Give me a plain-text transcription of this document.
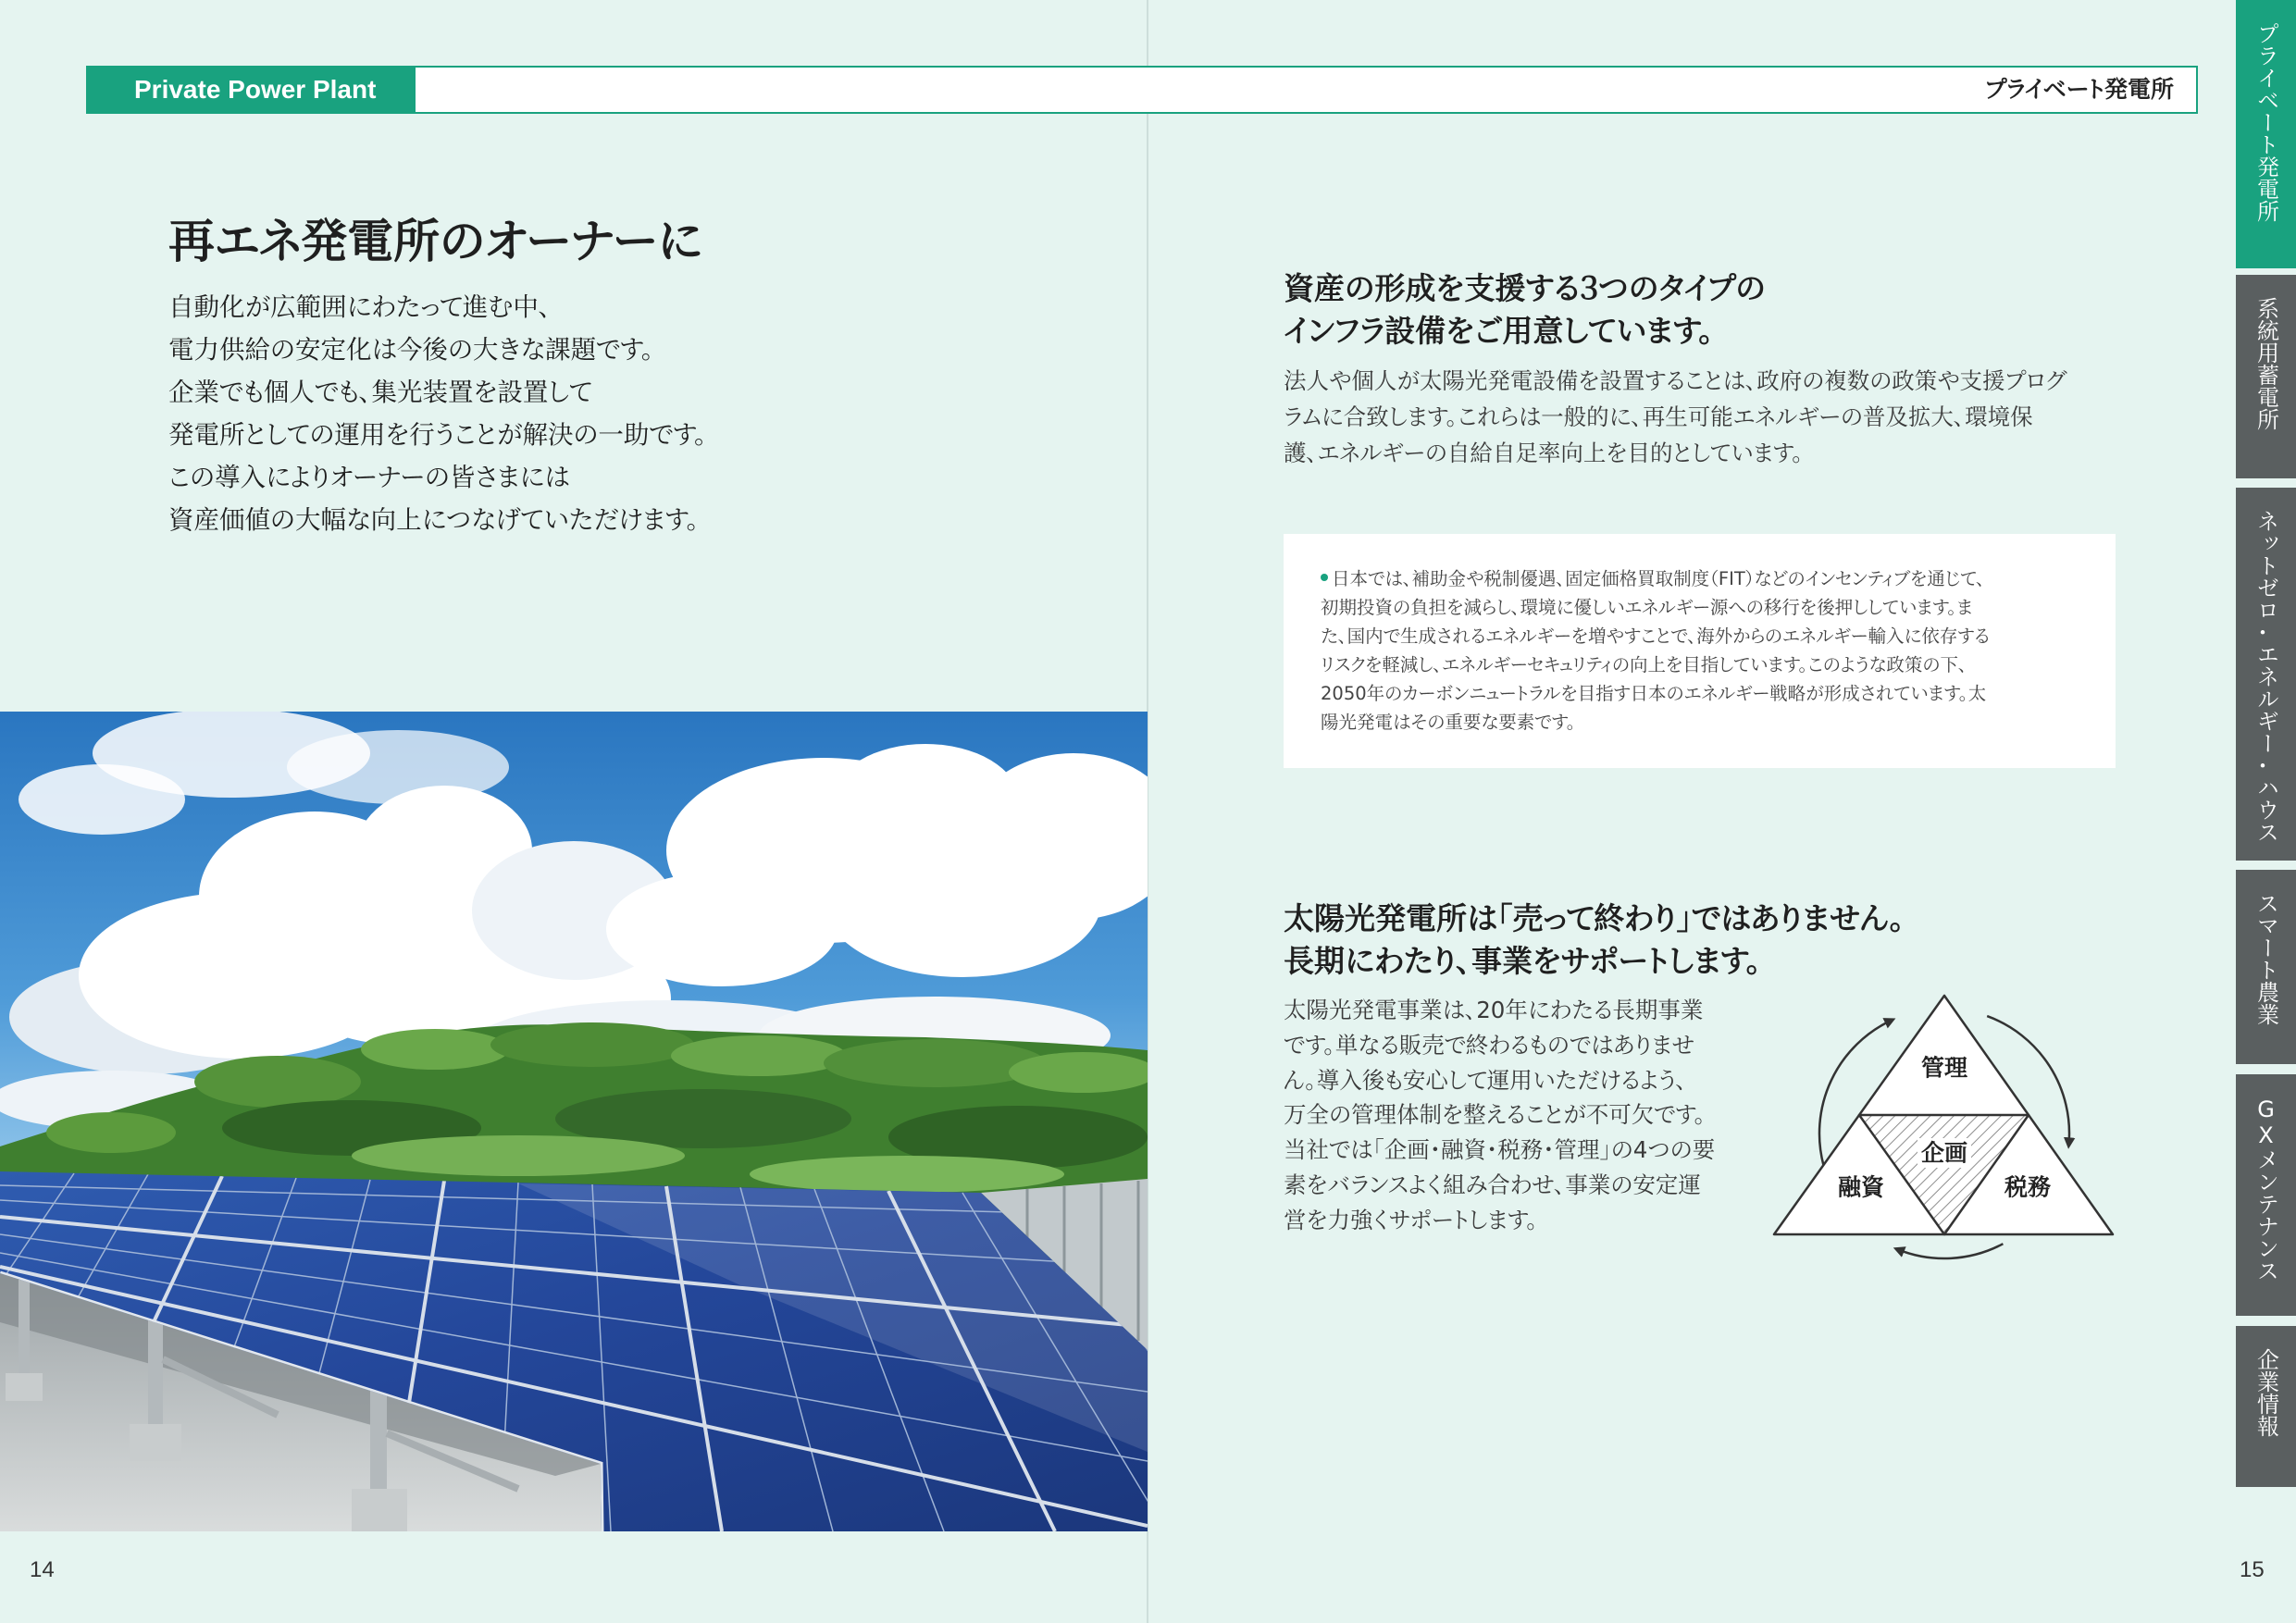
Private Power Plant	プライベート発電所	プライベート発電所
系統用蓄電所
ネットゼロ・エネルギー・ハウス
スマート農業
GXメンテナンス
企業情報
再エネ発電所のオーナーに
自動化が広範囲にわたって進む中、
電力供給の安定化は今後の大きな課題です。
企業でも個人でも、集光装置を設置して
発電所としての運用を行うことが解決の一助です。
この導入によりオーナーの皆さまには
資産価値の大幅な向上につなげていただけます。
14
資産の形成を支援する３つのタイプの
インフラ設備をご用意しています。
法人や個人が太陽光発電設備を設置することは、政府の複数の政策や支援プログ
ラムに合致します。これらは一般的に、再生可能エネルギーの普及拡大、環境保
護、エネルギーの自給自足率向上を目的としています。
日本では、補助金や税制優遇、固定価格買取制度（FIT）などのインセンティブを通じて、
初期投資の負担を減らし、環境に優しいエネルギー源への移行を後押ししています。ま
た、国内で生成されるエネルギーを増やすことで、海外からのエネルギー輸入に依存する
リスクを軽減し、エネルギーセキュリティの向上を目指しています。このような政策の下、
2050年のカーボンニュートラルを目指す日本のエネルギー戦略が形成されています。太
陽光発電はその重要な要素です。
太陽光発電所は「売って終わり」ではありません。
長期にわたり、事業をサポートします。
太陽光発電事業は、20年にわたる長期事業
です。単なる販売で終わるものではありませ
ん。導入後も安心して運用いただけるよう、
万全の管理体制を整えることが不可欠です。
当社では「企画・融資・税務・管理」の4つの要
素をバランスよく組み合わせ、事業の安定運
営を力強くサポートします。
管理
企画
融資	税務
15
